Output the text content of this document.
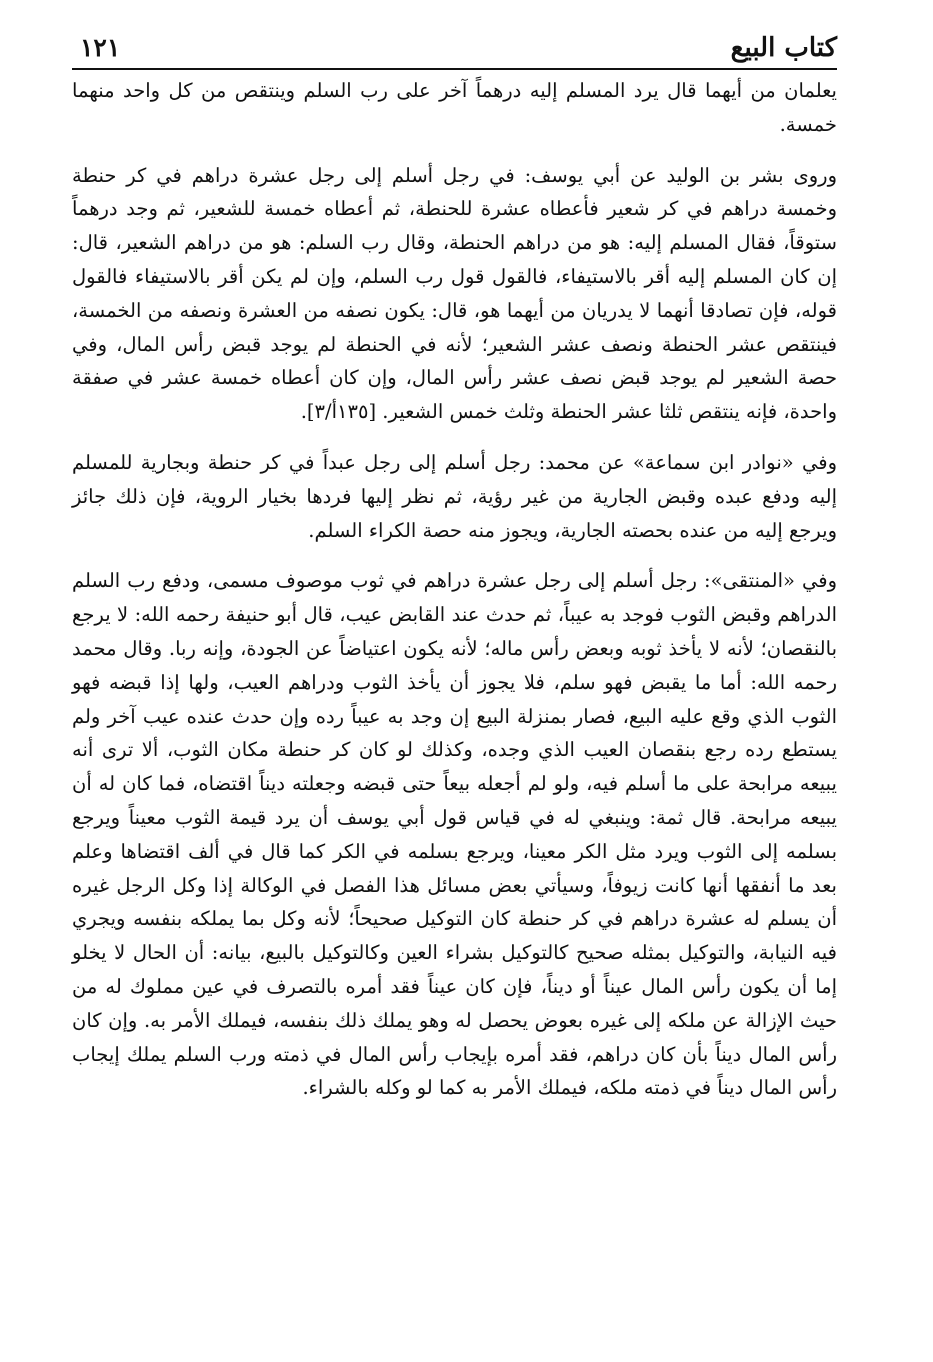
كتاب البيع
١٢١

يعلمان من أيهما قال يرد المسلم إليه درهماً آخر على رب السلم وينتقص من كل واحد منهما خمسة.

وروى بشر بن الوليد عن أبي يوسف: في رجل أسلم إلى رجل عشرة دراهم في كر حنطة وخمسة دراهم في كر شعير فأعطاه عشرة للحنطة، ثم أعطاه خمسة للشعير، ثم وجد درهماً ستوقاً، فقال المسلم إليه: هو من دراهم الحنطة، وقال رب السلم: هو من دراهم الشعير، قال: إن كان المسلم إليه أقر بالاستيفاء، فالقول قول رب السلم، وإن لم يكن أقر بالاستيفاء فالقول قوله، فإن تصادقا أنهما لا يدريان من أيهما هو، قال: يكون نصفه من العشرة ونصفه من الخمسة، فينتقص عشر الحنطة ونصف عشر الشعير؛ لأنه في الحنطة لم يوجد قبض رأس المال، وفي حصة الشعير لم يوجد قبض نصف عشر رأس المال، وإن كان أعطاه خمسة عشر في صفقة واحدة، فإنه ينتقص ثلثا عشر الحنطة وثلث خمس الشعير. [١٣٥أ/٣].

وفي «نوادر ابن سماعة» عن محمد: رجل أسلم إلى رجل عبداً في كر حنطة وبجارية للمسلم إليه ودفع عبده وقبض الجارية من غير رؤية، ثم نظر إليها فردها بخيار الروية، فإن ذلك جائز ويرجع إليه من عنده بحصته الجارية، ويجوز منه حصة الكراء السلم.

وفي «المنتقى»: رجل أسلم إلى رجل عشرة دراهم في ثوب موصوف مسمى، ودفع رب السلم الدراهم وقبض الثوب فوجد به عيباً، ثم حدث عند القابض عيب، قال أبو حنيفة رحمه الله: لا يرجع بالنقصان؛ لأنه لا يأخذ ثوبه وبعض رأس ماله؛ لأنه يكون اعتياضاً عن الجودة، وإنه ربا. وقال محمد رحمه الله: أما ما يقبض فهو سلم، فلا يجوز أن يأخذ الثوب ودراهم العيب، ولها إذا قبضه فهو الثوب الذي وقع عليه البيع، فصار بمنزلة البيع إن وجد به عيباً رده وإن حدث عنده عيب آخر ولم يستطع رده رجع بنقصان العيب الذي وجده، وكذلك لو كان كر حنطة مكان الثوب، ألا ترى أنه يبيعه مرابحة على ما أسلم فيه، ولو لم أجعله بيعاً حتى قبضه وجعلته ديناً اقتضاه، فما كان له أن يبيعه مرابحة. قال ثمة: وينبغي له في قياس قول أبي يوسف أن يرد قيمة الثوب معيناً ويرجع بسلمه إلى الثوب ويرد مثل الكر معينا، ويرجع بسلمه في الكر كما قال في ألف اقتضاها وعلم بعد ما أنفقها أنها كانت زيوفاً، وسيأتي بعض مسائل هذا الفصل في الوكالة إذا وكل الرجل غيره أن يسلم له عشرة دراهم في كر حنطة كان التوكيل صحيحاً؛ لأنه وكل بما يملكه بنفسه ويجري فيه النيابة، والتوكيل بمثله صحيح كالتوكيل بشراء العين وكالتوكيل بالبيع، بيانه: أن الحال لا يخلو إما أن يكون رأس المال عيناً أو ديناً، فإن كان عيناً فقد أمره بالتصرف في عين مملوك له من حيث الإزالة عن ملكه إلى غيره بعوض يحصل له وهو يملك ذلك بنفسه، فيملك الأمر به. وإن كان رأس المال ديناً بأن كان دراهم، فقد أمره بإيجاب رأس المال في ذمته ورب السلم يملك إيجاب رأس المال ديناً في ذمته ملكه، فيملك الأمر به كما لو وكله بالشراء.
